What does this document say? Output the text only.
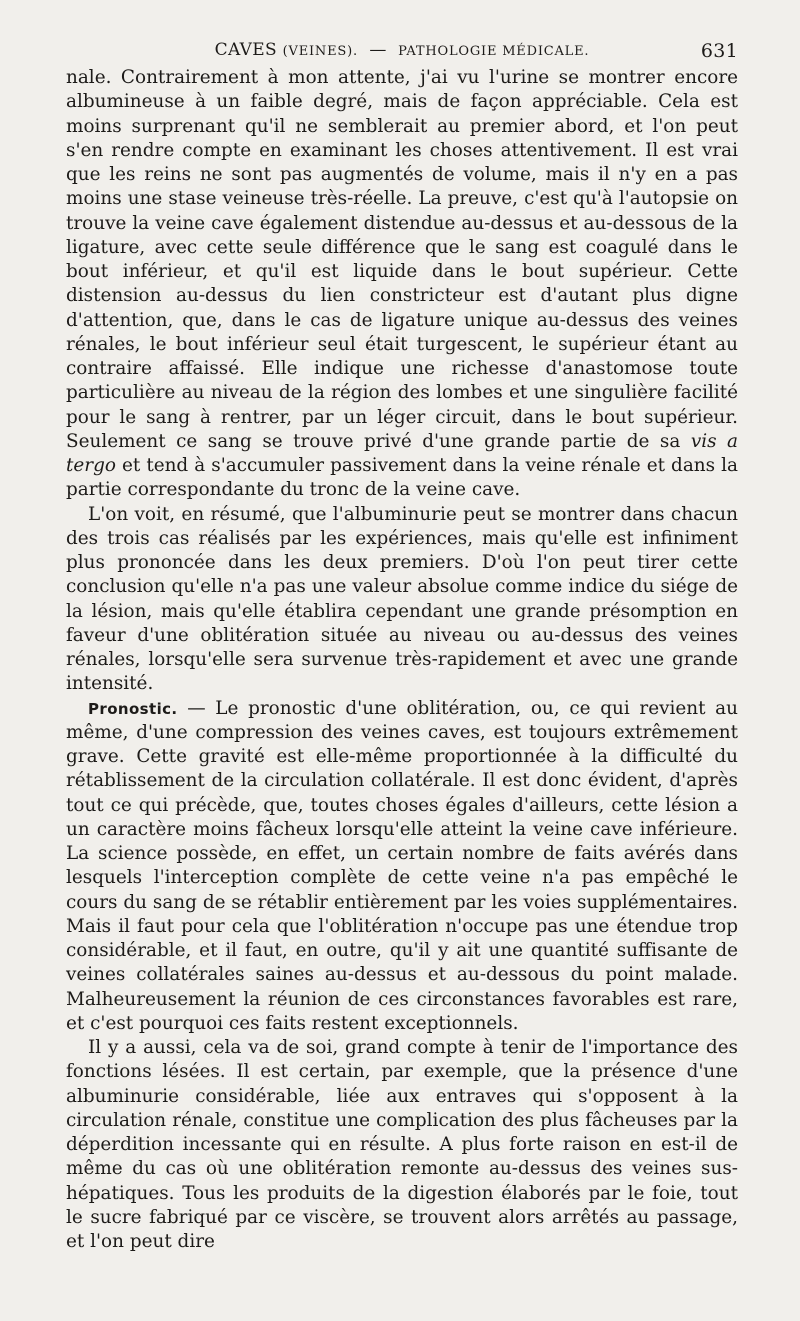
CAVES (VEINES). — PATHOLOGIE MÉDICALE.	631

nale. Contrairement à mon attente, j'ai vu l'urine se montrer encore albumineuse à un faible degré, mais de façon appréciable. Cela est moins surprenant qu'il ne semblerait au premier abord, et l'on peut s'en rendre compte en examinant les choses attentivement. Il est vrai que les reins ne sont pas augmentés de volume, mais il n'y en a pas moins une stase veineuse très-réelle. La preuve, c'est qu'à l'autopsie on trouve la veine cave également distendue au-dessus et au-dessous de la ligature, avec cette seule différence que le sang est coagulé dans le bout inférieur, et qu'il est liquide dans le bout supérieur. Cette distension au-dessus du lien constricteur est d'autant plus digne d'attention, que, dans le cas de ligature unique au-dessus des veines rénales, le bout inférieur seul était turgescent, le supérieur étant au contraire affaissé. Elle indique une richesse d'anastomose toute particulière au niveau de la région des lombes et une singulière facilité pour le sang à rentrer, par un léger circuit, dans le bout supérieur. Seulement ce sang se trouve privé d'une grande partie de sa vis a tergo et tend à s'accumuler passivement dans la veine rénale et dans la partie correspondante du tronc de la veine cave.

L'on voit, en résumé, que l'albuminurie peut se montrer dans chacun des trois cas réalisés par les expériences, mais qu'elle est infiniment plus prononcée dans les deux premiers. D'où l'on peut tirer cette conclusion qu'elle n'a pas une valeur absolue comme indice du siége de la lésion, mais qu'elle établira cependant une grande présomption en faveur d'une oblitération située au niveau ou au-dessus des veines rénales, lorsqu'elle sera survenue très-rapidement et avec une grande intensité.

Pronostic. — Le pronostic d'une oblitération, ou, ce qui revient au même, d'une compression des veines caves, est toujours extrêmement grave. Cette gravité est elle-même proportionnée à la difficulté du rétablissement de la circulation collatérale. Il est donc évident, d'après tout ce qui précède, que, toutes choses égales d'ailleurs, cette lésion a un caractère moins fâcheux lorsqu'elle atteint la veine cave inférieure. La science possède, en effet, un certain nombre de faits avérés dans lesquels l'interception complète de cette veine n'a pas empêché le cours du sang de se rétablir entièrement par les voies supplémentaires. Mais il faut pour cela que l'oblitération n'occupe pas une étendue trop considérable, et il faut, en outre, qu'il y ait une quantité suffisante de veines collatérales saines au-dessus et au-dessous du point malade. Malheureusement la réunion de ces circonstances favorables est rare, et c'est pourquoi ces faits restent exceptionnels.

Il y a aussi, cela va de soi, grand compte à tenir de l'importance des fonctions lésées. Il est certain, par exemple, que la présence d'une albuminurie considérable, liée aux entraves qui s'opposent à la circulation rénale, constitue une complication des plus fâcheuses par la déperdition incessante qui en résulte. A plus forte raison en est-il de même du cas où une oblitération remonte au-dessus des veines sus-hépatiques. Tous les produits de la digestion élaborés par le foie, tout le sucre fabriqué par ce viscère, se trouvent alors arrêtés au passage, et l'on peut dire
